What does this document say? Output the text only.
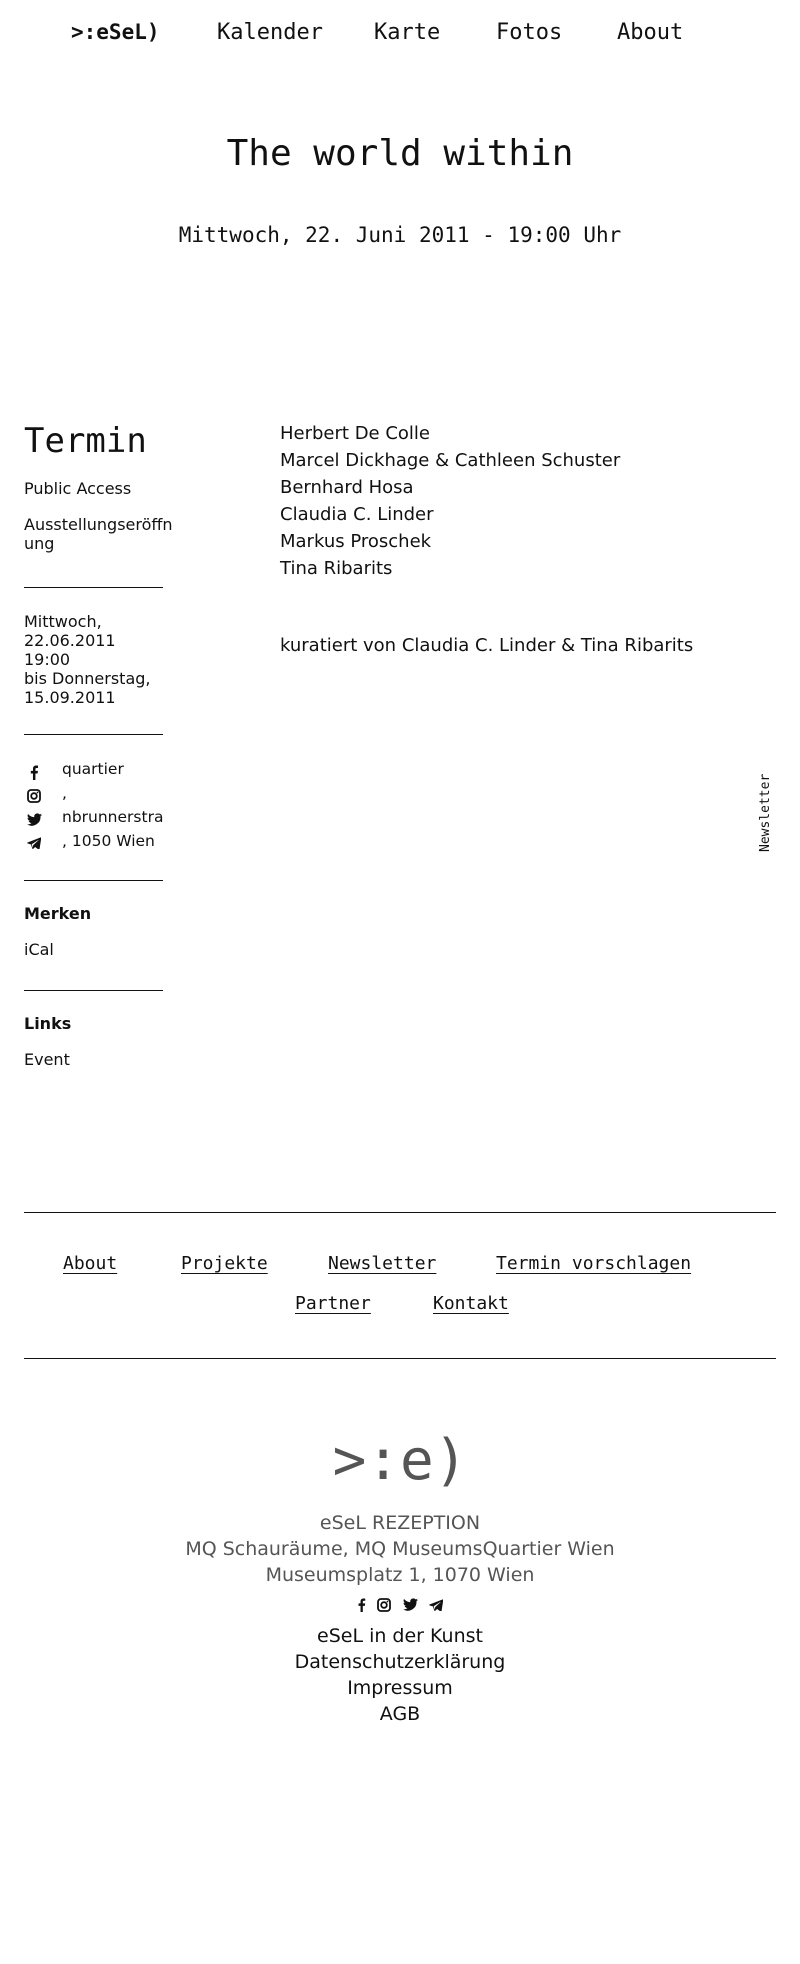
>:eSeL)	Kalender Karte	Fotos About
The world within
Mittwoch, 22. Juni 2011 - 19:00 Uhr
Termin
Public Access
Ausstellungseröffn
ung
Mittwoch,
22.06.2011 19:00
bis Donnerstag,
15.09.2011
quartier
,
nbrunnerstra
, 1050 Wien
Merken
iCal
Links
Event
Herbert De Colle
Marcel Dickhage & Cathleen Schuster
Bernhard Hosa
Claudia C. Linder
Markus Proschek
Tina Ribarits
kuratiert von Claudia C. Linder & Tina Ribarits
Newsletter
About	Projekte	Newsletter	Termin vorschlagen
Partner	Kontakt
>:e)
eSeL REZEPTION
MQ Schauräume, MQ MuseumsQuartier Wien
Museumsplatz 1, 1070 Wien
eSeL in der Kunst
Datenschutzerklärung
Impressum
AGB
